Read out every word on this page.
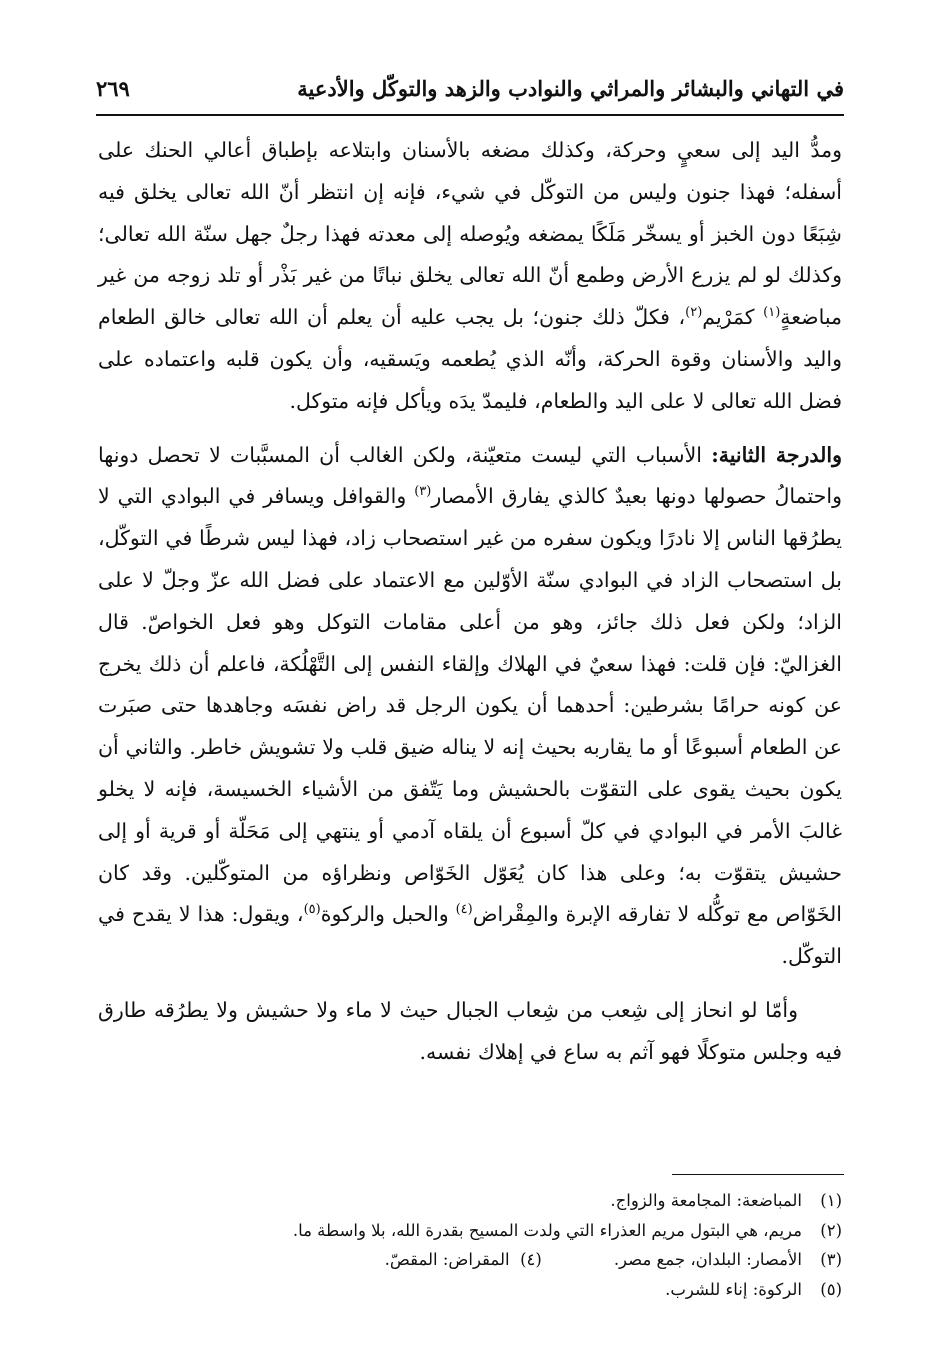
في التهاني والبشائر والمراثي والنوادب والزهد والتوكّل والأدعية
٢٦٩

ومدُّ اليد إلى سعيٍ وحركة، وكذلك مضغه بالأسنان وابتلاعه بإطباق أعالي الحنك على أسفله؛ فهذا جنون وليس من التوكّل في شيء، فإنه إن انتظر أنّ الله تعالى يخلق فيه شِبَعًا دون الخبز أو يسخّر مَلَكًا يمضغه ويُوصله إلى معدته فهذا رجلٌ جهل سنّة الله تعالى؛ وكذلك لو لم يزرع الأرض وطمع أنّ الله تعالى يخلق نباتًا من غير بَذْر أو تلد زوجه من غير مباضعةٍ$^{(١)}$ كمَرْيم$^{(٢)}$، فكلّ ذلك جنون؛ بل يجب عليه أن يعلم أن الله تعالى خالق الطعام واليد والأسنان وقوة الحركة، وأنّه الذي يُطعمه ويَسقيه، وأن يكون قلبه واعتماده على فضل الله تعالى لا على اليد والطعام، فليمدّ يدَه ويأكل فإنه متوكل.

والدرجة الثانية: الأسباب التي ليست متعيّنة، ولكن الغالب أن المسبَّبات لا تحصل دونها واحتمالُ حصولها دونها بعيدٌ كالذي يفارق الأمصار$^{(٣)}$ والقوافل ويسافر في البوادي التي لا يطرُقها الناس إلا نادرًا ويكون سفره من غير استصحاب زاد، فهذا ليس شرطًا في التوكّل، بل استصحاب الزاد في البوادي سنّة الأوّلين مع الاعتماد على فضل الله عزّ وجلّ لا على الزاد؛ ولكن فعل ذلك جائز، وهو من أعلى مقامات التوكل وهو فعل الخواصّ. قال الغزاليّ: فإن قلت: فهذا سعيٌ في الهلاك وإلقاء النفس إلى التَّهْلُكة، فاعلم أن ذلك يخرج عن كونه حرامًا بشرطين: أحدهما أن يكون الرجل قد راض نفسَه وجاهدها حتى صبَرت عن الطعام أسبوعًا أو ما يقاربه بحيث إنه لا يناله ضيق قلب ولا تشويش خاطر. والثاني أن يكون بحيث يقوى على التقوّت بالحشيش وما يَتّفق من الأشياء الخسيسة، فإنه لا يخلو غالبَ الأمر في البوادي في كلّ أسبوع أن يلقاه آدمي أو ينتهي إلى مَحَلّة أو قرية أو إلى حشيش يتقوّت به؛ وعلى هذا كان يُعَوّل الخَوّاص ونظراؤه من المتوكّلين. وقد كان الخَوّاص مع توكُّله لا تفارقه الإبرة والمِقْراض$^{(٤)}$ والحبل والركوة$^{(٥)}$، ويقول: هذا لا يقدح في التوكّل.

وأمّا لو انحاز إلى شِعب من شِعاب الجبال حيث لا ماء ولا حشيش ولا يطرُقه طارق فيه وجلس متوكلًا فهو آثم به ساع في إهلاك نفسه.

(١)المباضعة: المجامعة والزواج.
(٢)مريم، هي البتول مريم العذراء التي ولدت المسيح بقدرة الله، بلا واسطة ما.
(٣)الأمصار: البلدان، جمع مصر.(٤)  المقراض: المقصّ.
(٥)الركوة: إناء للشرب.
